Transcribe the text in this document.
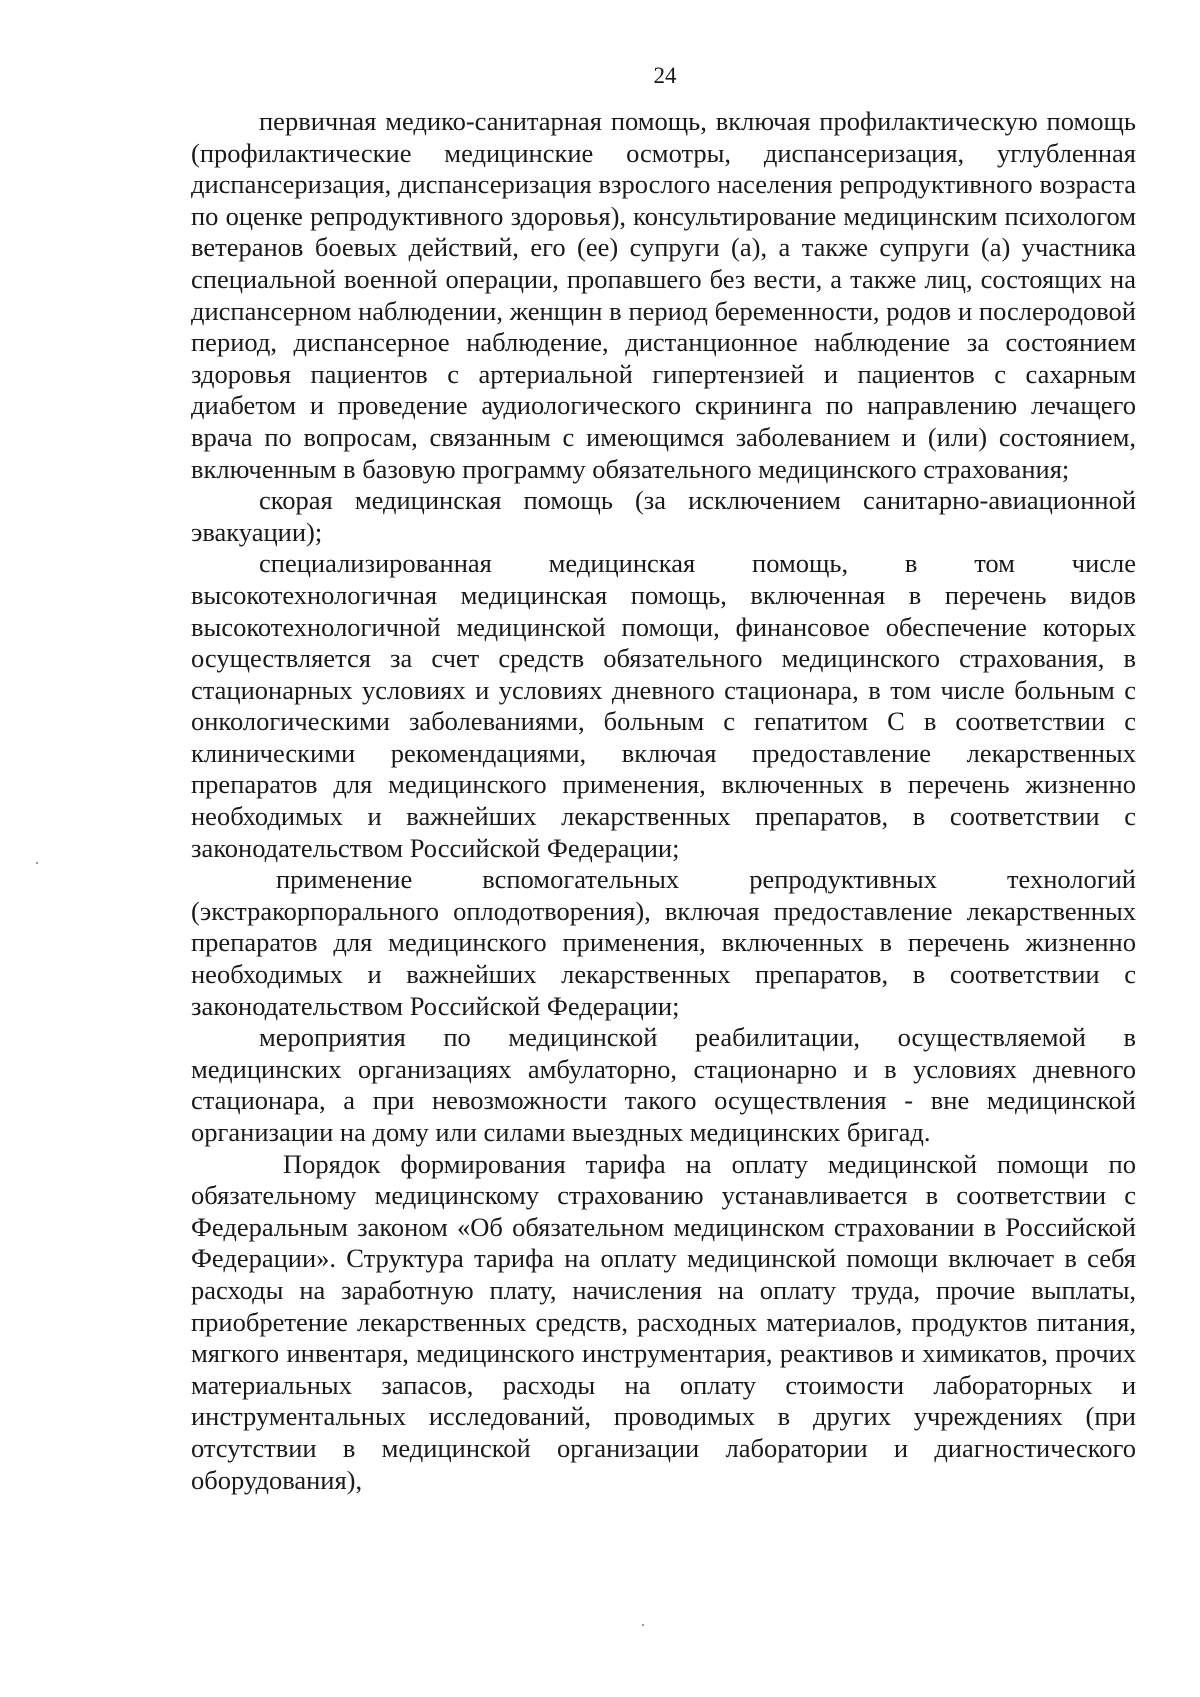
24

первичная медико-санитарная помощь, включая профилактическую помощь (профилактические медицинские осмотры, диспансеризация, углубленная диспансеризация, диспансеризация взрослого населения репродуктивного возраста по оценке репродуктивного здоровья), консультирование медицинским психологом ветеранов боевых действий, его (ее) супруги (а), а также супруги (а) участника специальной военной операции, пропавшего без вести, а также лиц, состоящих на диспансерном наблюдении, женщин в период беременности, родов и послеродовой период, диспансерное наблюдение, дистанционное наблюдение за состоянием здоровья пациентов с артериальной гипертензией и пациентов с сахарным диабетом и проведение аудиологического скрининга по направлению лечащего врача по вопросам, связанным с имеющимся заболеванием и (или) состоянием, включенным в базовую программу обязательного медицинского страхования;

скорая медицинская помощь (за исключением санитарно-авиационной эвакуации);

специализированная медицинская помощь, в том числе высокотехнологичная медицинская помощь, включенная в перечень видов высокотехнологичной медицинской помощи, финансовое обеспечение которых осуществляется за счет средств обязательного медицинского страхования, в стационарных условиях и условиях дневного стационара, в том числе больным с онкологическими заболеваниями, больным с гепатитом С в соответствии с клиническими рекомендациями, включая предоставление лекарственных препаратов для медицинского применения, включенных в перечень жизненно необходимых и важнейших лекарственных препаратов, в соответствии с законодательством Российской Федерации;

применение вспомогательных репродуктивных технологий (экстракорпорального оплодотворения), включая предоставление лекарственных препаратов для медицинского применения, включенных в перечень жизненно необходимых и важнейших лекарственных препаратов, в соответствии с законодательством Российской Федерации;

мероприятия по медицинской реабилитации, осуществляемой в медицинских организациях амбулаторно, стационарно и в условиях дневного стационара, а при невозможности такого осуществления - вне медицинской организации на дому или силами выездных медицинских бригад.

Порядок формирования тарифа на оплату медицинской помощи по обязательному медицинскому страхованию устанавливается в соответствии с Федеральным законом «Об обязательном медицинском страховании в Российской Федерации». Структура тарифа на оплату медицинской помощи включает в себя расходы на заработную плату, начисления на оплату труда, прочие выплаты, приобретение лекарственных средств, расходных материалов, продуктов питания, мягкого инвентаря, медицинского инструментария, реактивов и химикатов, прочих материальных запасов, расходы на оплату стоимости лабораторных и инструментальных исследований, проводимых в других учреждениях (при отсутствии в медицинской организации лаборатории и диагностического оборудования),
